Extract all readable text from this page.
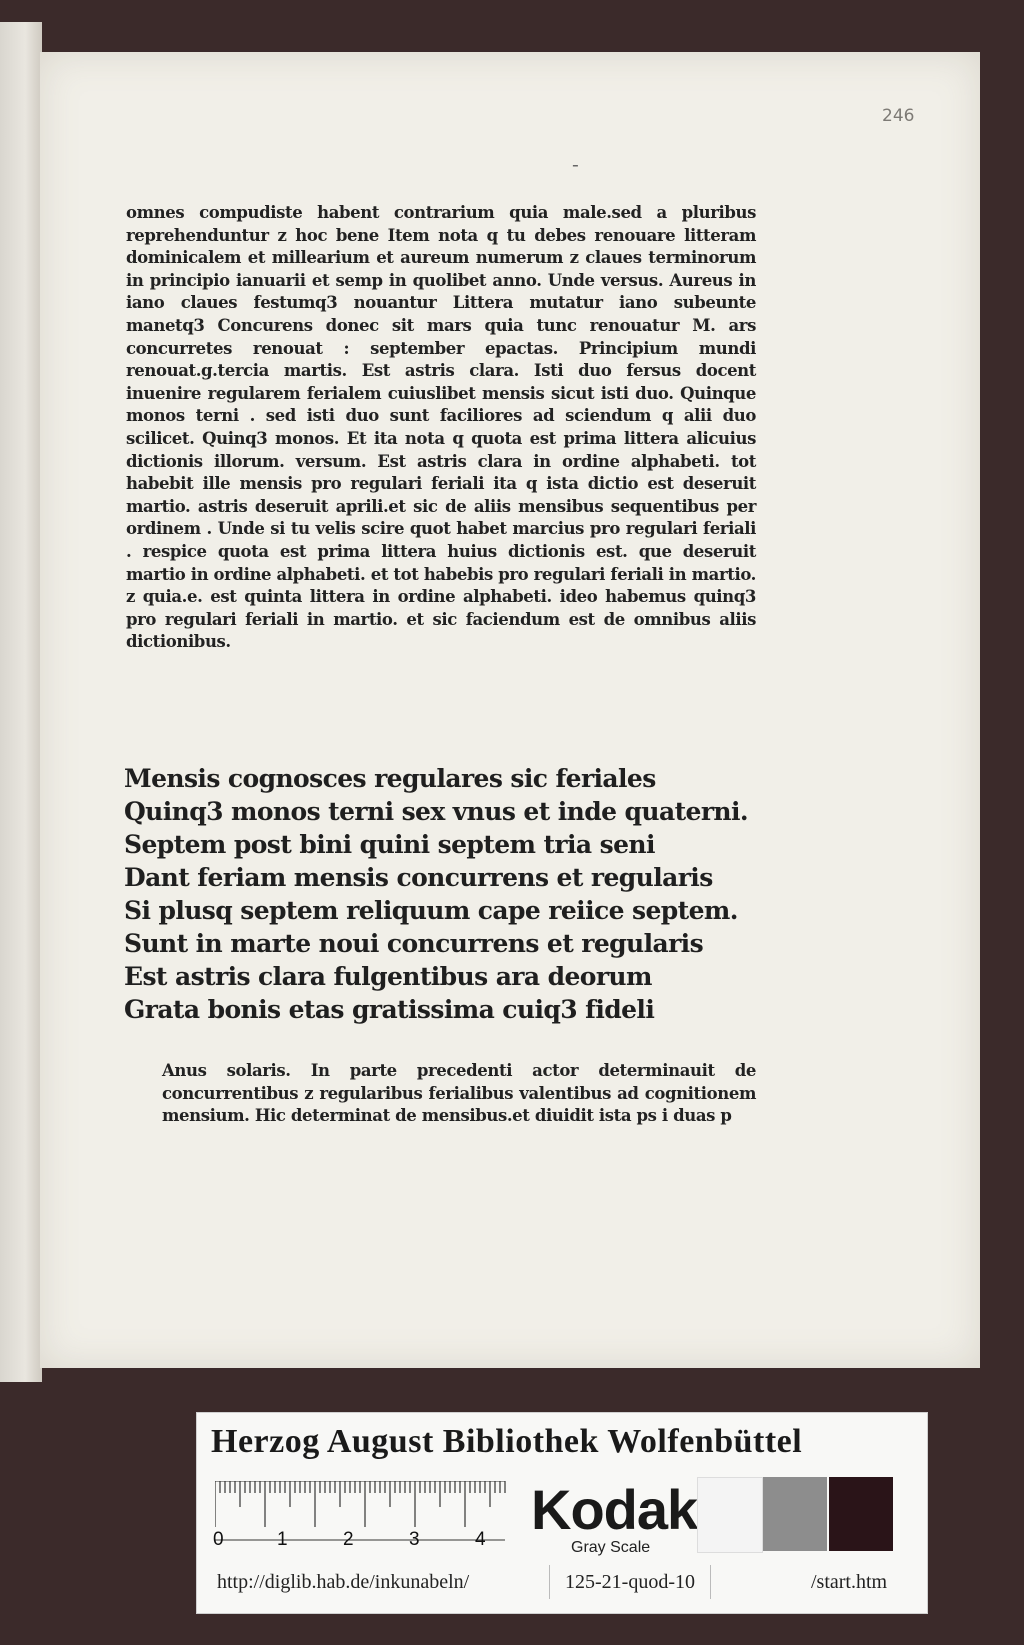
246
-

omnes compudiste habent contrarium quia male.sed a pluribus reprehenduntur z hoc bene Item nota q tu debes renouare litteram dominicalem et millearium et aureum numerum z claues terminorum in principio ianuarii et semp in quolibet anno. Unde versus. Aureus in iano claues festumq3 nouantur Littera mutatur iano subeunte manetq3 Concurens donec sit mars quia tunc renouatur M. ars concurretes renouat : september epactas. Principium mundi renouat.g.tercia martis. Est astris clara. Isti duo fersus docent inuenire regularem ferialem cuiuslibet mensis sicut isti duo. Quinque monos terni . sed isti duo sunt faciliores ad sciendum q alii duo scilicet. Quinq3 monos. Et ita nota q quota est prima littera alicuius dictionis illorum. versum. Est astris clara in ordine alphabeti. tot habebit ille mensis pro regulari feriali ita q ista dictio est deseruit martio. astris deseruit aprili.et sic de aliis mensibus sequentibus per ordinem . Unde si tu velis scire quot habet marcius pro regulari feriali . respice quota est prima littera huius dictionis est. que deseruit martio in ordine alphabeti. et tot habebis pro regulari feriali in martio. z quia.e. est quinta littera in ordine alphabeti. ideo habemus quinq3 pro regulari feriali in martio. et sic faciendum est de omnibus aliis dictionibus.

Mensis cognosces regulares sic feriales
Quinq3 monos terni sex vnus et inde quaterni.
Septem post bini quini septem tria seni
Dant feriam mensis concurrens et regularis
Si plusq septem reliquum cape reiice septem.
Sunt in marte noui concurrens et regularis
Est astris clara fulgentibus ara deorum
Grata bonis etas gratissima cuiq3 fideli

Anus solaris. In parte precedenti actor determinauit de concurrentibus z regularibus ferialibus valentibus ad cognitionem mensium. Hic determinat de mensibus.et diuidit ista ps i duas p

Herzog August Bibliothek Wolfenbüttel
0	1	2	3	4 Kodak
Gray Scale
http://diglib.hab.de/inkunabeln/	125-21-quod-10	/start.htm
